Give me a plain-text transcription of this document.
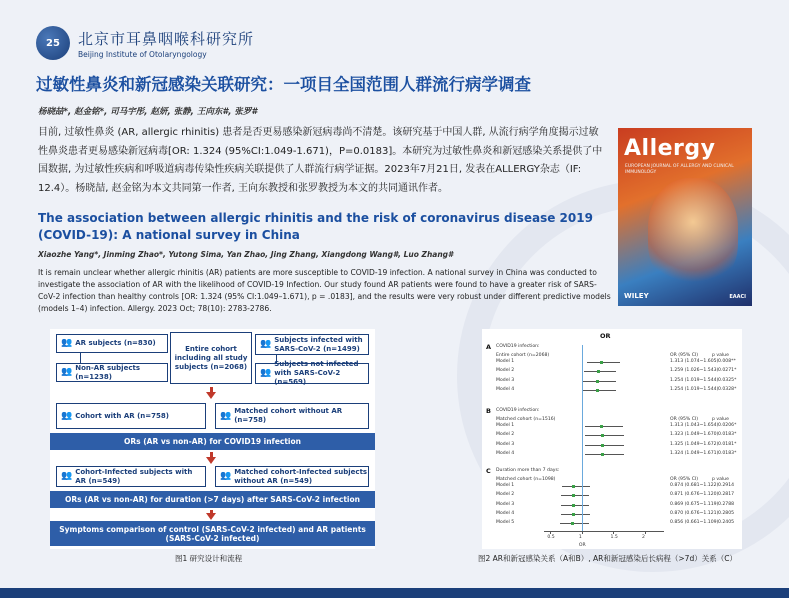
25	北京市耳鼻咽喉科研究所
Beijing Institute of Otolaryngology
过敏性鼻炎和新冠感染关联研究：一项目全国范围人群流行病学调查
杨晓喆*, 赵金铭*, 司马宇彤, 赵妍, 张静, 王向东#, 张罗#

目前, 过敏性鼻炎 (AR, allergic rhinitis) 患者是否更易感染新冠病毒尚不清楚。该研究基于中国人群, 从流行病学角度揭示过敏性鼻炎患者更易感染新冠病毒[OR: 1.324 (95%CI:1.049-1.671)，P=0.0183]。本研究为过敏性鼻炎和新冠感染关系提供了中国数据, 为过敏性疾病和呼吸道病毒传染性疾病关联提供了人群流行病学证据。2023年7月21日, 发表在ALLERGY杂志（IF: 12.4）。杨晓喆, 赵金铭为本文共同第一作者, 王向东教授和张罗教授为本文的共同通讯作者。

Allergy
EUROPEAN JOURNAL OF ALLERGY AND CLINICAL IMMUNOLOGY
WILEY	EAACI

The association between allergic rhinitis and the risk of coronavirus disease 2019 (COVID-19): A national survey in China

Xiaozhe Yang*, Jinming Zhao*, Yutong Sima, Yan Zhao, Jing Zhang, Xiangdong Wang#, Luo Zhang#

It is remain unclear whether allergic rhinitis (AR) patients are more susceptible to COVID-19 infection. A national survey in China was conducted to investigate the association of AR with the likelihood of COVID-19 Infection. Our study found AR patients were found to have a greater risk of SARS-CoV-2 infection than healthy controls [OR: 1.324 (95% CI:1.049–1.671), p = .0183], and the results were very robust under different predictive models (models 1–4) infection. Allergy. 2023 Oct; 78(10): 2783-2786.

👥 AR subjects (n=830)
👥 Non-AR subjects (n=1238)
Entire cohort including all study subjects (n=2068)
👥 Subjects infected with SARS-CoV-2 (n=1499)
👥
Subjects not infected with SARS-CoV-2 (n=569)
👥 Cohort with AR (n=758)	👥 Matched cohort without AR (n=758)
ORs (AR vs non-AR) for COVID19 infection
👥 Cohort-Infected subjects with AR (n=549)	👥 Matched cohort-Infected subjects without AR (n=549)
ORs (AR vs non-AR) for duration (>7 days) after SARS-CoV-2 infection
Symptoms comparison of control (SARS-CoV-2 infected) and AR patients (SARS-CoV-2 infected)
图1 研究设计和流程
OR
A COVID19 infection:
Entire cohort (n=2068)	OR (95% CI)	p value
Model 1	1.313 (1.074~1.605) 0.008**
Model 2	1.259 (1.026~1.543) 0.0271*
Model 3	1.254 (1.019~1.544) 0.0325*
Model 4	1.254 (1.019~1.544) 0.0328*
B COVID19 infection:
Matched cohort (n=1516)	OR (95% CI)	p value
Model 1	1.313 (1.043~1.654) 0.0206*
Model 2	1.323 (1.049~1.670) 0.0183*
Model 3	1.325 (1.049~1.672) 0.0181*
Model 4	1.324 (1.049~1.671) 0.0183*
C Duration more than 7 days:
Matched cohort (n=1098)	OR (95% CI)	p value
Model 1	0.874 (0.681~1.122) 0.2914
Model 2	0.871 (0.676~1.120) 0.2817
Model 3	0.869 (0.675~1.119) 0.2788
Model 4	0.870 (0.676~1.121) 0.2805
Model 5	0.856 (0.661~1.109) 0.2405
0.5	1	1.5	2
OR
图2 AR和新冠感染关系（A和B）, AR和新冠感染后长病程（>7d）关系（C）
